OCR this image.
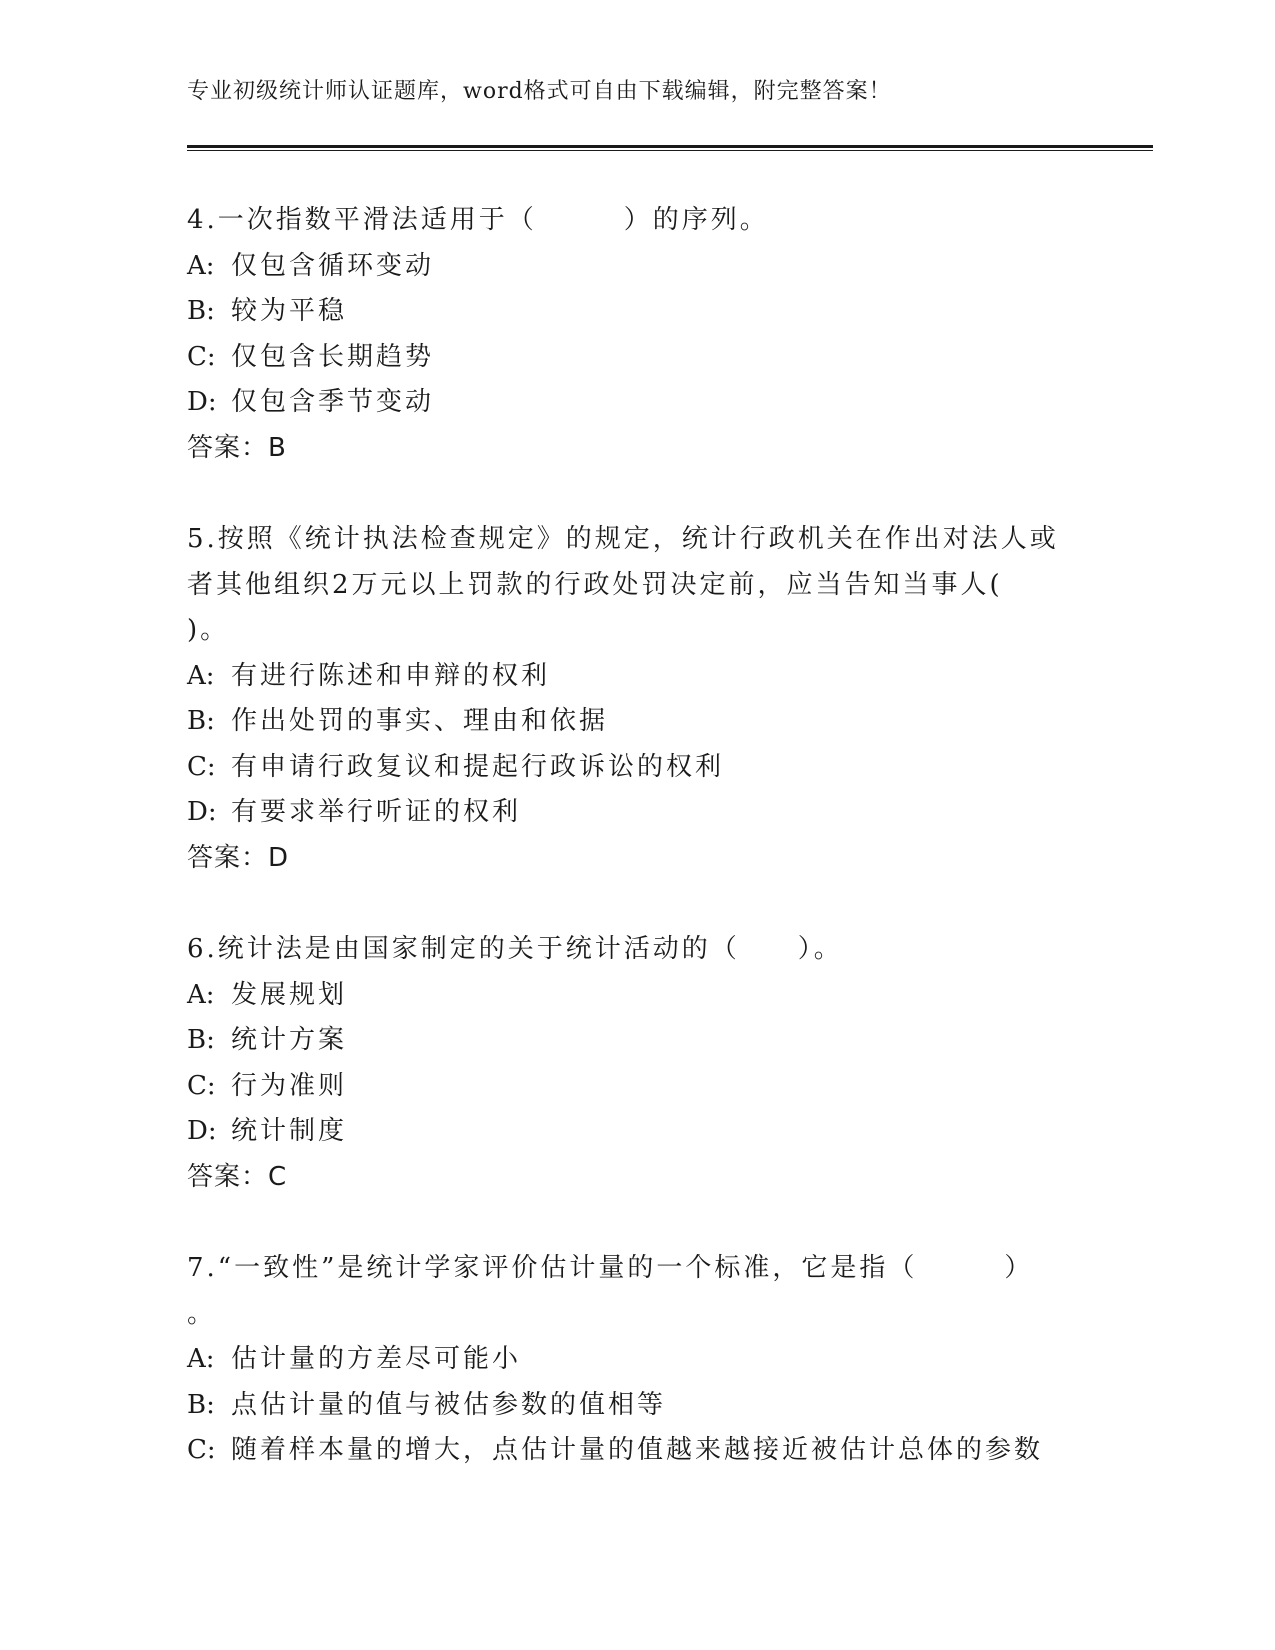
专业初级统计师认证题库，word格式可自由下载编辑，附完整答案！
4.一次指数平滑法适用于（　　　）的序列。
A: 仅包含循环变动
B: 较为平稳
C: 仅包含长期趋势
D: 仅包含季节变动
答案：B
5.按照《统计执法检查规定》的规定，统计行政机关在作出对法人或
者其他组织2万元以上罚款的行政处罚决定前，应当告知当事人(
)。
A: 有进行陈述和申辩的权利
B: 作出处罚的事实、理由和依据
C: 有申请行政复议和提起行政诉讼的权利
D: 有要求举行听证的权利
答案：D
6.统计法是由国家制定的关于统计活动的（　　）。
A: 发展规划
B: 统计方案
C: 行为准则
D: 统计制度
答案：C
7.“一致性”是统计学家评价估计量的一个标准，它是指（　　　）
。
A: 估计量的方差尽可能小
B: 点估计量的值与被估参数的值相等
C: 随着样本量的增大，点估计量的值越来越接近被估计总体的参数
